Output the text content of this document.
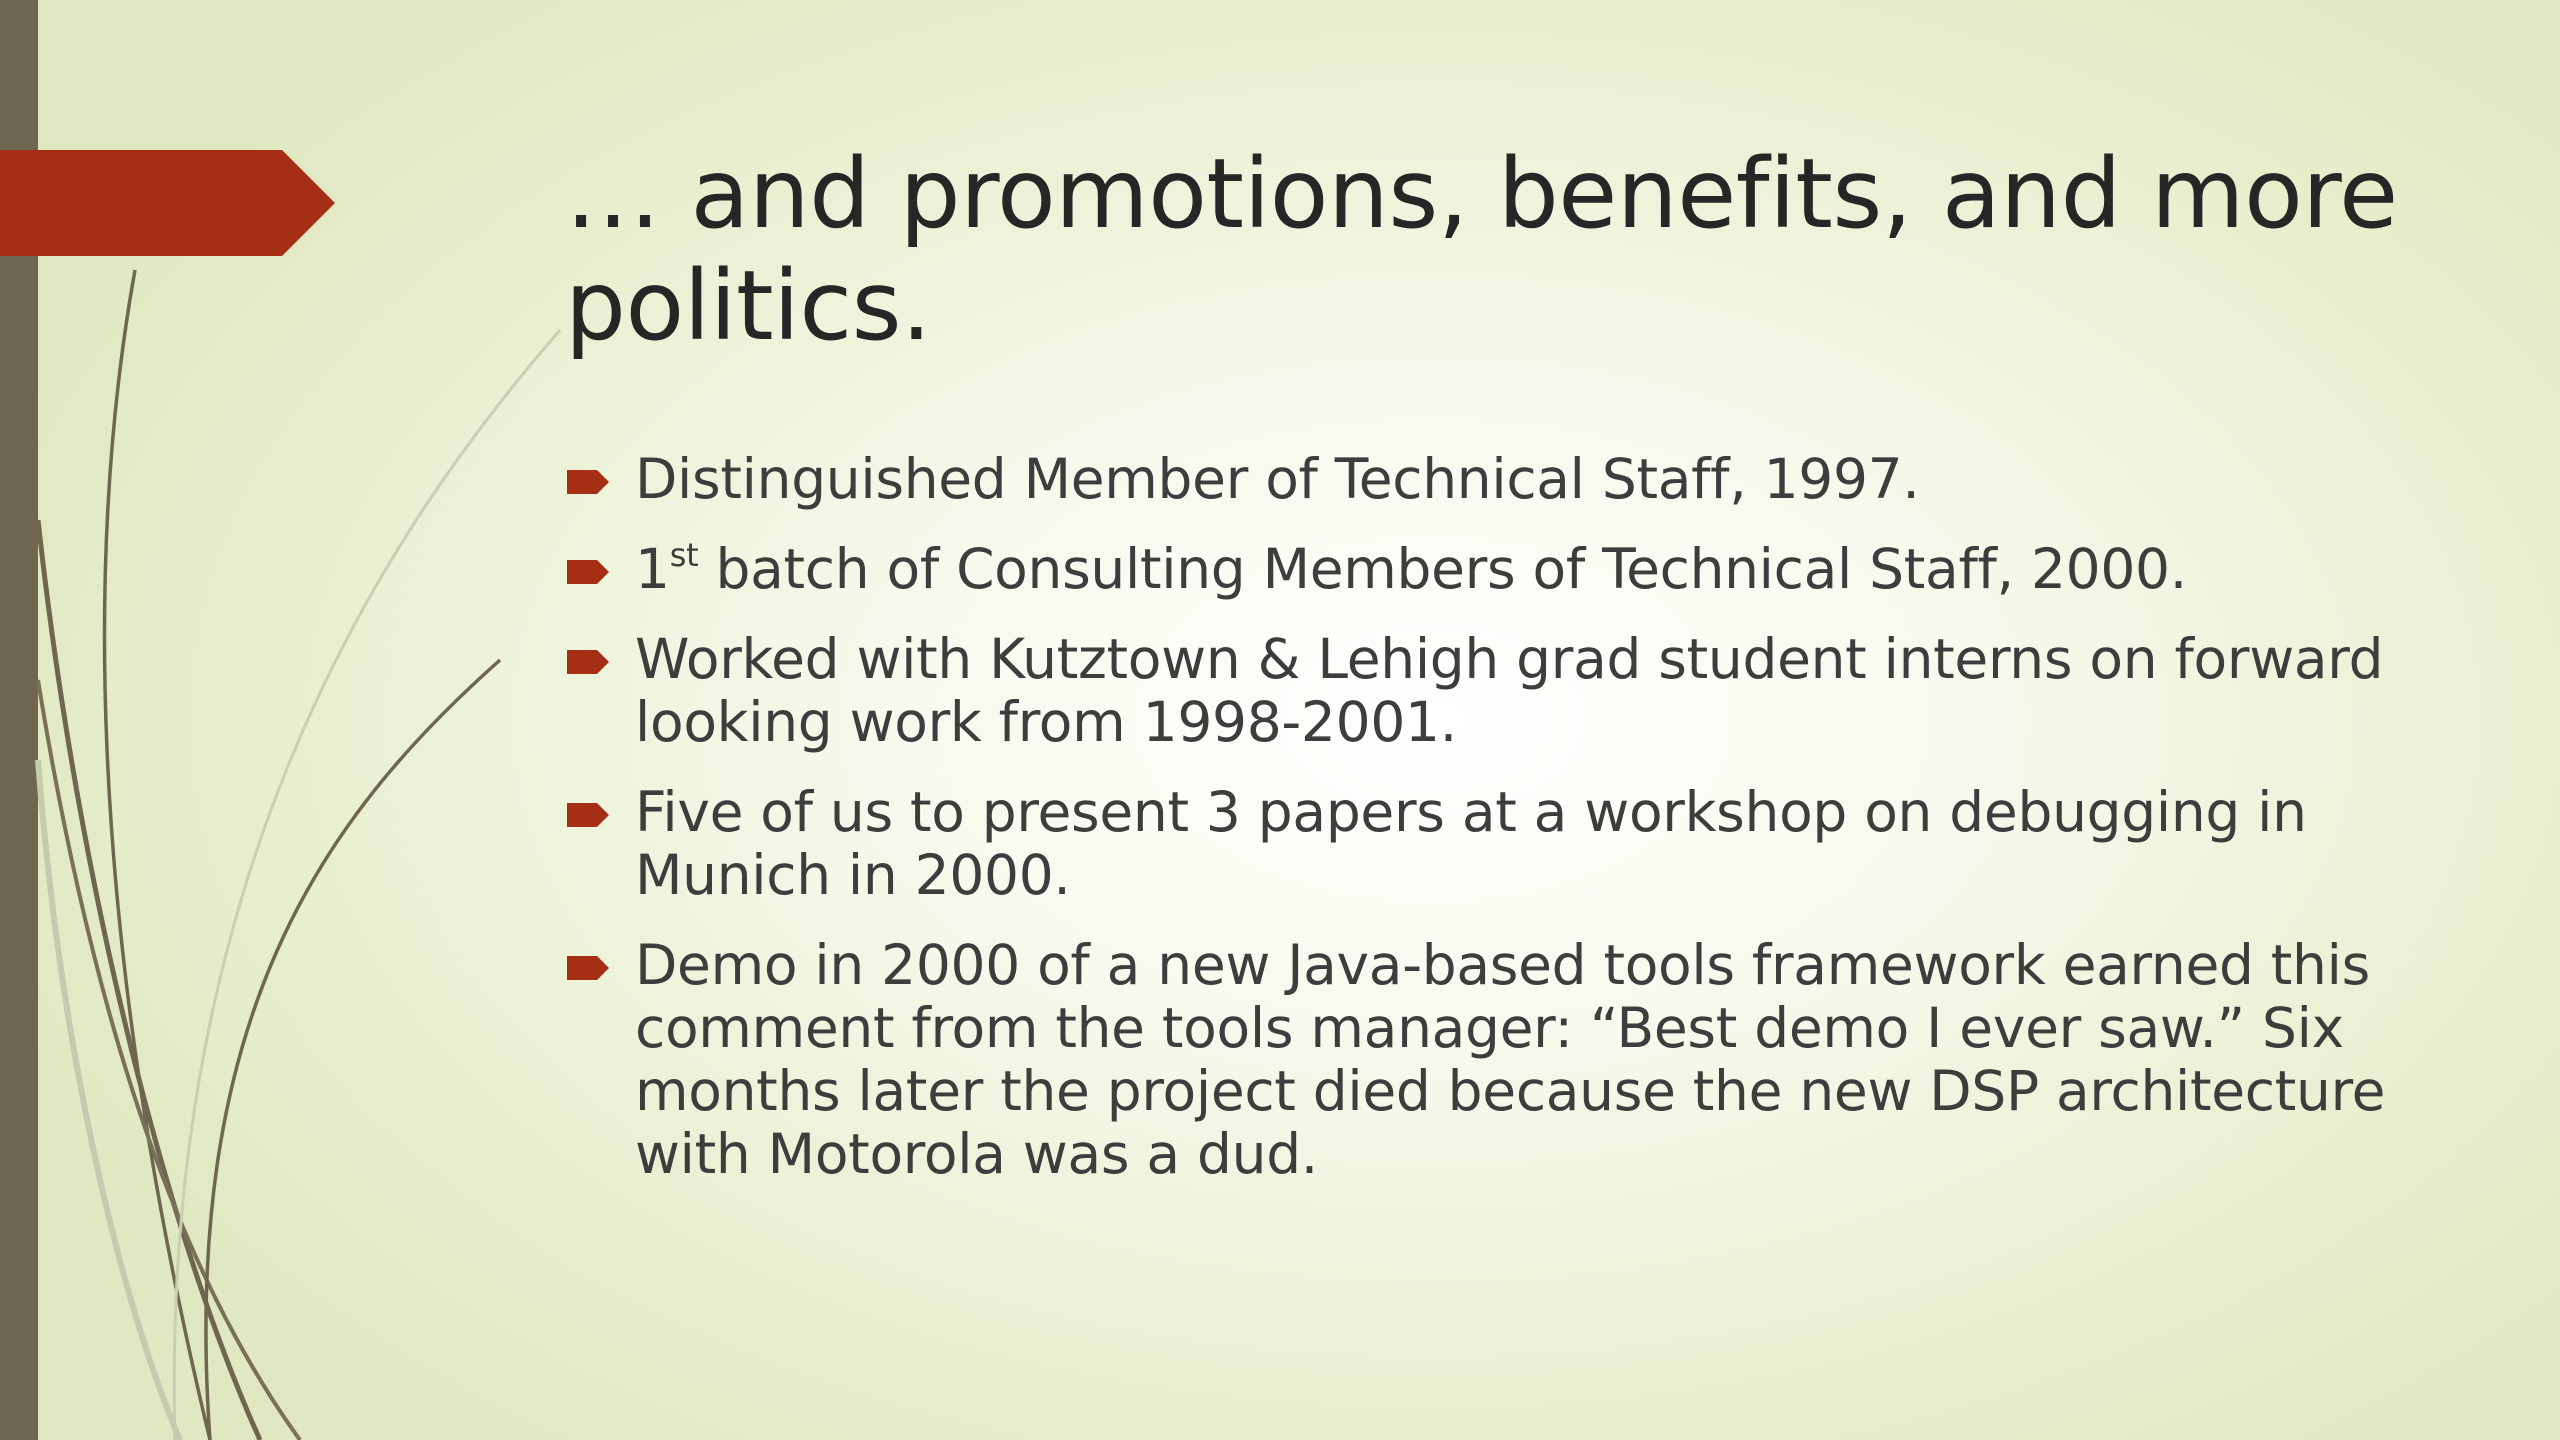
… and promotions, benefits, and more politics.
Distinguished Member of Technical Staff, 1997.
1st batch of Consulting Members of Technical Staff, 2000.
Worked with Kutztown & Lehigh grad student interns on forward looking work from 1998-2001.
Five of us to present 3 papers at a workshop on debugging in Munich in 2000.
Demo in 2000 of a new Java-based tools framework earned this comment from the tools manager: “Best demo I ever saw.” Six months later the project died because the new DSP architecture with Motorola was a dud.
